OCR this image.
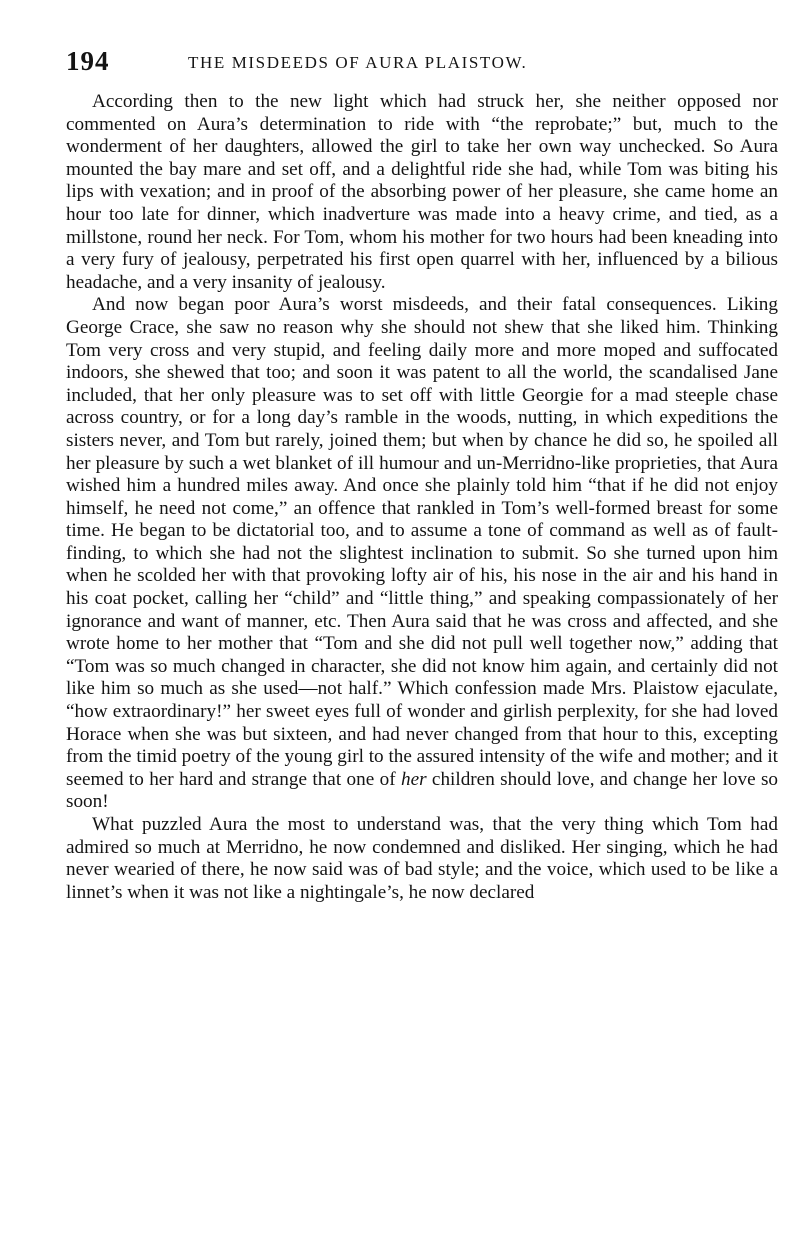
194	THE MISDEEDS OF AURA PLAISTOW.

According then to the new light which had struck her, she neither opposed nor commented on Aura’s determination to ride with “the reprobate;” but, much to the wonderment of her daughters, allowed the girl to take her own way unchecked. So Aura mounted the bay mare and set off, and a delightful ride she had, while Tom was biting his lips with vexation; and in proof of the absorbing power of her pleasure, she came home an hour too late for dinner, which inadverture was made into a heavy crime, and tied, as a millstone, round her neck. For Tom, whom his mother for two hours had been kneading into a very fury of jealousy, perpetrated his first open quarrel with her, influenced by a bilious headache, and a very insanity of jealousy.

And now began poor Aura’s worst misdeeds, and their fatal consequences. Liking George Crace, she saw no reason why she should not shew that she liked him. Thinking Tom very cross and very stupid, and feeling daily more and more moped and suffocated indoors, she shewed that too; and soon it was patent to all the world, the scandalised Jane included, that her only pleasure was to set off with little Georgie for a mad steeple chase across country, or for a long day’s ramble in the woods, nutting, in which expeditions the sisters never, and Tom but rarely, joined them; but when by chance he did so, he spoiled all her pleasure by such a wet blanket of ill humour and un-Merridno-like proprieties, that Aura wished him a hundred miles away. And once she plainly told him “that if he did not enjoy himself, he need not come,” an offence that rankled in Tom’s well-formed breast for some time. He began to be dictatorial too, and to assume a tone of command as well as of fault-finding, to which she had not the slightest inclination to submit. So she turned upon him when he scolded her with that provoking lofty air of his, his nose in the air and his hand in his coat pocket, calling her “child” and “little thing,” and speaking compassionately of her ignorance and want of manner, etc. Then Aura said that he was cross and affected, and she wrote home to her mother that “Tom and she did not pull well together now,” adding that “Tom was so much changed in character, she did not know him again, and certainly did not like him so much as she used—not half.” Which confession made Mrs. Plaistow ejaculate, “how extraordinary!” her sweet eyes full of wonder and girlish perplexity, for she had loved Horace when she was but sixteen, and had never changed from that hour to this, excepting from the timid poetry of the young girl to the assured intensity of the wife and mother; and it seemed to her hard and strange that one of her children should love, and change her love so soon!

What puzzled Aura the most to understand was, that the very thing which Tom had admired so much at Merridno, he now condemned and disliked. Her singing, which he had never wearied of there, he now said was of bad style; and the voice, which used to be like a linnet’s when it was not like a nightingale’s, he now declared
